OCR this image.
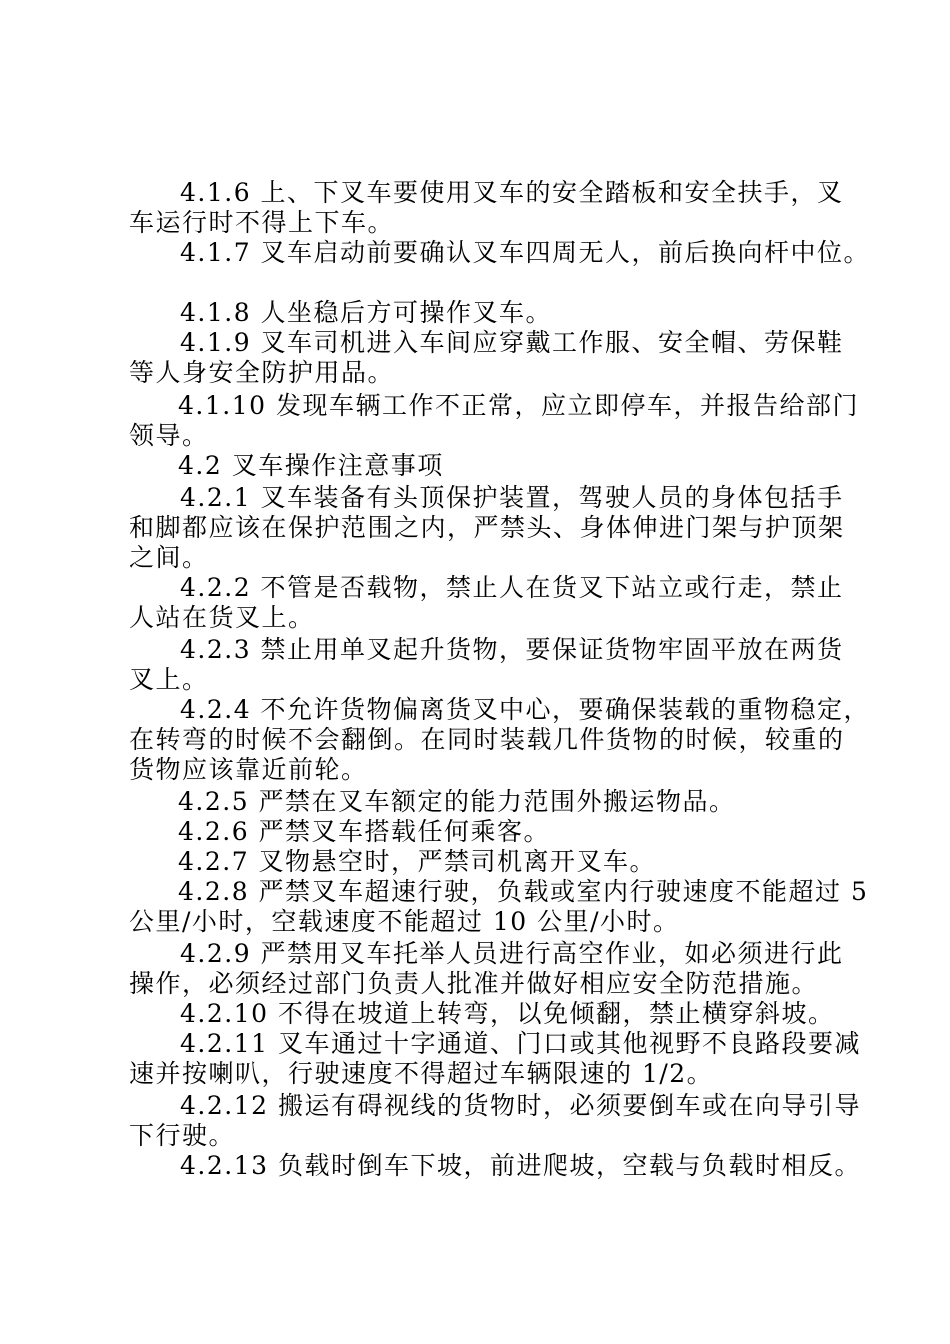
4.1.6 上、下叉车要使用叉车的安全踏板和安全扶手，叉
车运行时不得上下车。
4.1.7 叉车启动前要确认叉车四周无人，前后换向杆中位。
4.1.8 人坐稳后方可操作叉车。
4.1.9 叉车司机进入车间应穿戴工作服、安全帽、劳保鞋
等人身安全防护用品。
4.1.10 发现车辆工作不正常，应立即停车，并报告给部门
领导。
4.2 叉车操作注意事项
4.2.1 叉车装备有头顶保护装置，驾驶人员的身体包括手
和脚都应该在保护范围之内，严禁头、身体伸进门架与护顶架
之间。
4.2.2 不管是否载物，禁止人在货叉下站立或行走，禁止
人站在货叉上。
4.2.3 禁止用单叉起升货物，要保证货物牢固平放在两货
叉上。
4.2.4 不允许货物偏离货叉中心，要确保装载的重物稳定，
在转弯的时候不会翻倒。在同时装载几件货物的时候，较重的
货物应该靠近前轮。
4.2.5 严禁在叉车额定的能力范围外搬运物品。
4.2.6 严禁叉车搭载任何乘客。
4.2.7 叉物悬空时，严禁司机离开叉车。
4.2.8 严禁叉车超速行驶，负载或室内行驶速度不能超过 5
公里/小时，空载速度不能超过 10 公里/小时。
4.2.9 严禁用叉车托举人员进行高空作业，如必须进行此
操作，必须经过部门负责人批准并做好相应安全防范措施。
4.2.10 不得在坡道上转弯，以免倾翻，禁止横穿斜坡。
4.2.11 叉车通过十字通道、门口或其他视野不良路段要减
速并按喇叭，行驶速度不得超过车辆限速的 1/2。
4.2.12 搬运有碍视线的货物时，必须要倒车或在向导引导
下行驶。
4.2.13 负载时倒车下坡，前进爬坡，空载与负载时相反。
